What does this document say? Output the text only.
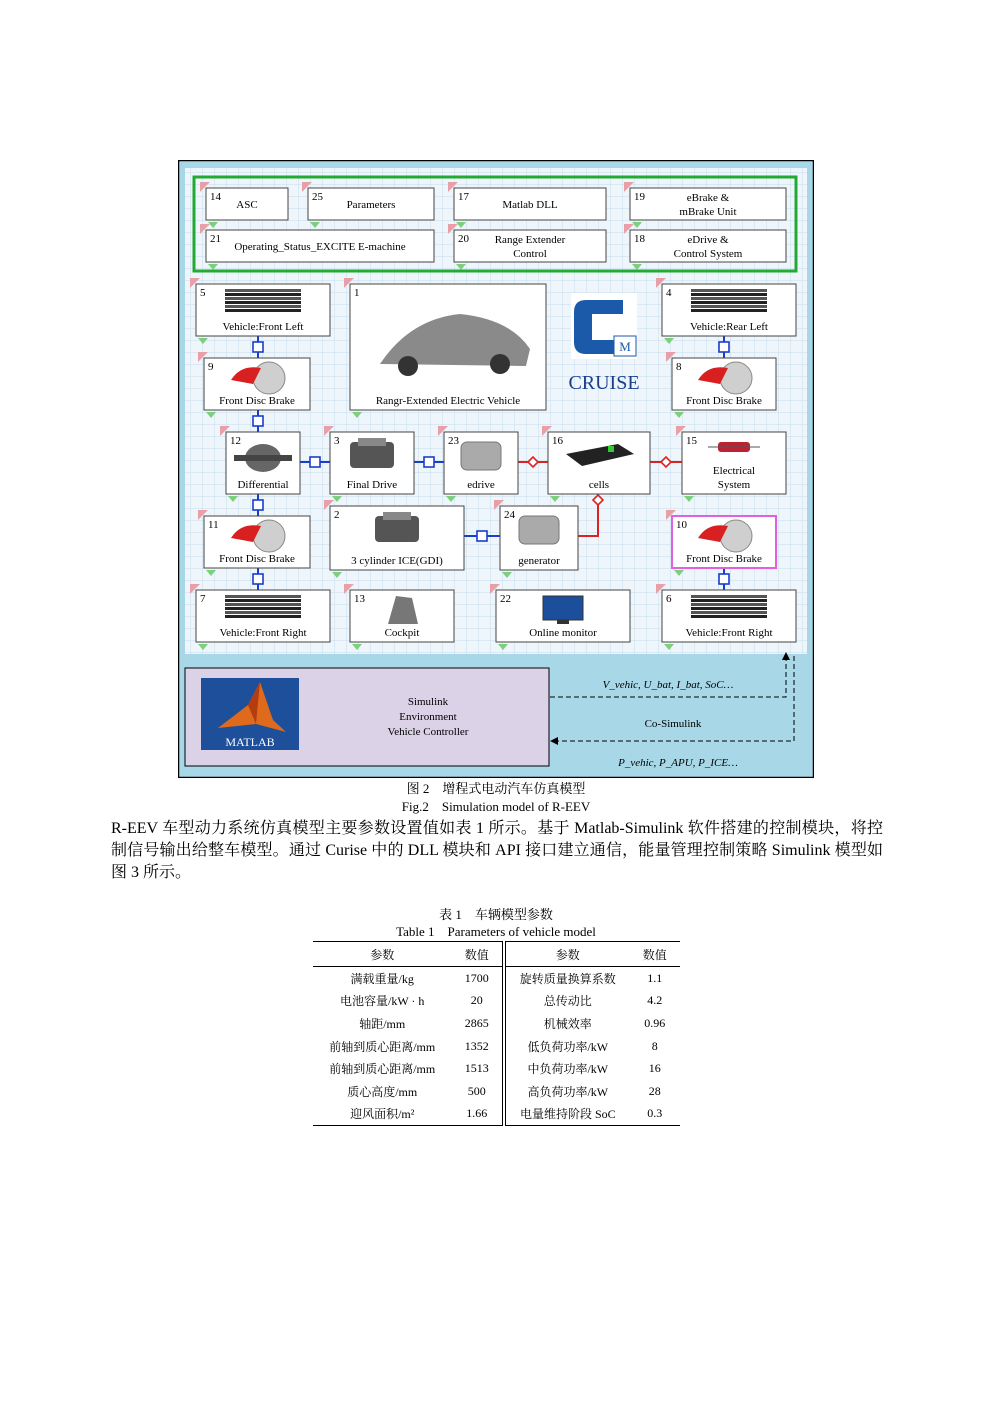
14
ASC
25
Parameters
17
Matlab DLL
19	eBrake &
mBrake Unit
21
Operating_Status_EXCITE E-machine
20 Range Extender
Control
18	eDrive &
Control System
5
Vehicle:Front Left
1
Rangr-Extended Electric Vehicle
4
Vehicle:Rear Left
9
Front Disc Brake
8
Front Disc Brake
12
Differential
3
Final Drive
23
edrive
16
cells
15
Electrical
System
11
Front Disc Brake
2
3 cylinder ICE(GDI)
24
generator
10
Front Disc Brake
7
Vehicle:Front Right
13
Cockpit
22
Online monitor
6
Vehicle:Front Right
M
CRUISE
MATLAB
Simulink
Environment
Vehicle Controller
V_vehic, U_bat, I_bat, SoC…
Co-Simulink
P_vehic, P_APU, P_ICE…
图 2　增程式电动汽车仿真模型
Fig.2　Simulation model of R-EEV
R-EEV 车型动力系统仿真模型主要参数设置值如表 1 所示。基于 Matlab-Simulink 软件搭建的控制模块，将控制信号输出给整车模型。通过 Curise 中的 DLL 模块和 API 接口建立通信，能量管理控制策略 Simulink 模型如图 3 所示。
表 1　车辆模型参数
Table 1　Parameters of vehicle model
参数	数值	参数	数值
满载重量/kg	1700	旋转质量换算系数	1.1
电池容量/kW · h	20	总传动比	4.2
轴距/mm	2865	机械效率	0.96
前轴到质心距离/mm	1352	低负荷功率/kW	8
前轴到质心距离/mm	1513	中负荷功率/kW	16
质心高度/mm	500	高负荷功率/kW	28
迎风面积/m²	1.66	电量维持阶段 SoC	0.3
